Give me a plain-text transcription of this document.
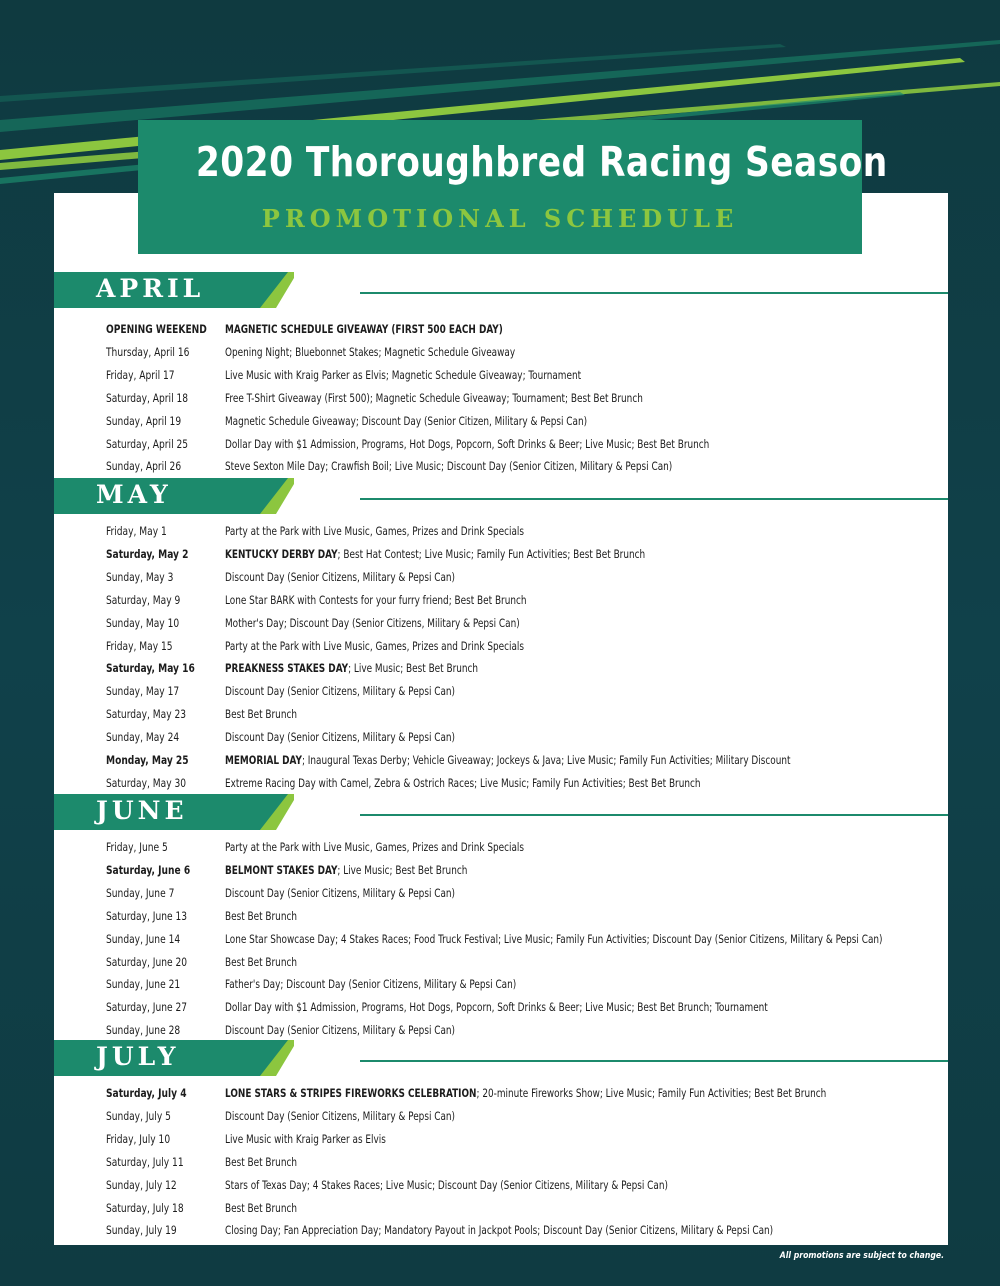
2020 Thoroughbred Racing Season
PROMOTIONAL SCHEDULE
APRIL
OPENING WEEKEND MAGNETIC SCHEDULE GIVEAWAY (FIRST 500 EACH DAY)
Thursday, April 16	Opening Night; Bluebonnet Stakes; Magnetic Schedule Giveaway
Friday, April 17	Live Music with Kraig Parker as Elvis; Magnetic Schedule Giveaway; Tournament
Saturday, April 18	Free T-Shirt Giveaway (First 500); Magnetic Schedule Giveaway; Tournament; Best Bet Brunch
Sunday, April 19	Magnetic Schedule Giveaway; Discount Day (Senior Citizen, Military & Pepsi Can)
Saturday, April 25	Dollar Day with $1 Admission, Programs, Hot Dogs, Popcorn, Soft Drinks & Beer; Live Music; Best Bet Brunch
Sunday, April 26	Steve Sexton Mile Day; Crawfish Boil; Live Music; Discount Day (Senior Citizen, Military & Pepsi Can)
MAY
Friday, May 1	Party at the Park with Live Music, Games, Prizes and Drink Specials
Saturday, May 2	KENTUCKY DERBY DAY; Best Hat Contest; Live Music; Family Fun Activities; Best Bet Brunch
Sunday, May 3	Discount Day (Senior Citizens, Military & Pepsi Can)
Saturday, May 9	Lone Star BARK with Contests for your furry friend; Best Bet Brunch
Sunday, May 10	Mother's Day; Discount Day (Senior Citizens, Military & Pepsi Can)
Friday, May 15	Party at the Park with Live Music, Games, Prizes and Drink Specials
Saturday, May 16	PREAKNESS STAKES DAY; Live Music; Best Bet Brunch
Sunday, May 17	Discount Day (Senior Citizens, Military & Pepsi Can)
Saturday, May 23	Best Bet Brunch
Sunday, May 24	Discount Day (Senior Citizens, Military & Pepsi Can)
Monday, May 25	MEMORIAL DAY; Inaugural Texas Derby; Vehicle Giveaway; Jockeys & Java; Live Music; Family Fun Activities; Military Discount
Saturday, May 30	Extreme Racing Day with Camel, Zebra & Ostrich Races; Live Music; Family Fun Activities; Best Bet Brunch
JUNE
Friday, June 5	Party at the Park with Live Music, Games, Prizes and Drink Specials
Saturday, June 6	BELMONT STAKES DAY; Live Music; Best Bet Brunch
Sunday, June 7	Discount Day (Senior Citizens, Military & Pepsi Can)
Saturday, June 13	Best Bet Brunch
Sunday, June 14	Lone Star Showcase Day; 4 Stakes Races; Food Truck Festival; Live Music; Family Fun Activities; Discount Day (Senior Citizens, Military & Pepsi Can)
Saturday, June 20	Best Bet Brunch
Sunday, June 21	Father's Day; Discount Day (Senior Citizens, Military & Pepsi Can)
Saturday, June 27	Dollar Day with $1 Admission, Programs, Hot Dogs, Popcorn, Soft Drinks & Beer; Live Music; Best Bet Brunch; Tournament
Sunday, June 28	Discount Day (Senior Citizens, Military & Pepsi Can)
JULY
Saturday, July 4	LONE STARS & STRIPES FIREWORKS CELEBRATION; 20-minute Fireworks Show; Live Music; Family Fun Activities; Best Bet Brunch
Sunday, July 5	Discount Day (Senior Citizens, Military & Pepsi Can)
Friday, July 10	Live Music with Kraig Parker as Elvis
Saturday, July 11	Best Bet Brunch
Sunday, July 12	Stars of Texas Day; 4 Stakes Races; Live Music; Discount Day (Senior Citizens, Military & Pepsi Can)
Saturday, July 18	Best Bet Brunch
Sunday, July 19	Closing Day; Fan Appreciation Day; Mandatory Payout in Jackpot Pools; Discount Day (Senior Citizens, Military & Pepsi Can)
All promotions are subject to change.
